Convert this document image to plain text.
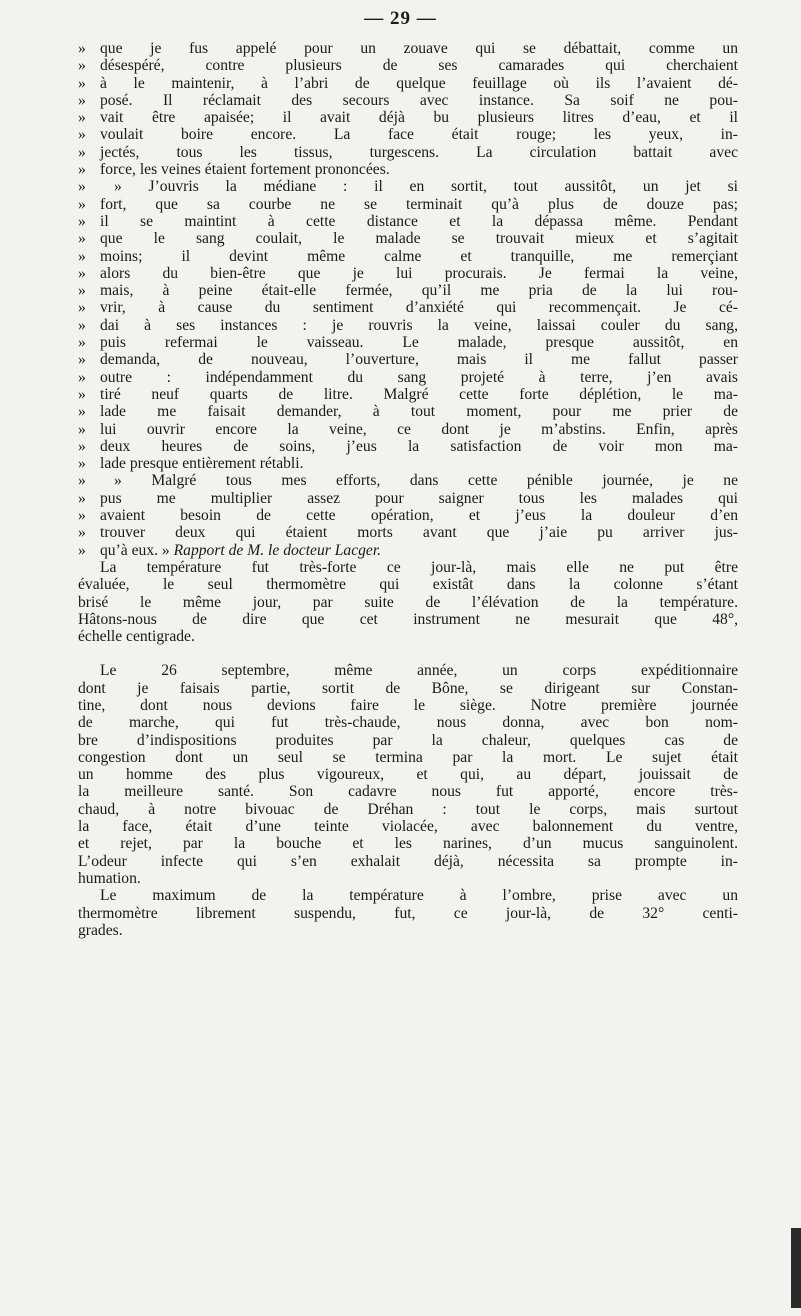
— 29 —
» que je fus appelé pour un zouave qui se débattait, comme un
» désespéré, contre plusieurs de ses camarades qui cherchaient
» à le maintenir, à l’abri de quelque feuillage où ils l’avaient dé-
» posé. Il réclamait des secours avec instance. Sa soif ne pou-
» vait être apaisée; il avait déjà bu plusieurs litres d’eau, et il
» voulait boire encore. La face était rouge; les yeux, in-
» jectés, tous les tissus, turgescens. La circulation battait avec
» force, les veines étaient fortement prononcées.
» » J’ouvris la médiane : il en sortit, tout aussitôt, un jet si
» fort, que sa courbe ne se terminait qu’à plus de douze pas;
» il se maintint à cette distance et la dépassa même. Pendant
» que le sang coulait, le malade se trouvait mieux et s’agitait
» moins; il devint même calme et tranquille, me remerçiant
» alors du bien-être que je lui procurais. Je fermai la veine,
» mais, à peine était-elle fermée, qu’il me pria de la lui rou-
» vrir, à cause du sentiment d’anxiété qui recommençait. Je cé-
» dai à ses instances : je rouvris la veine, laissai couler du sang,
» puis refermai le vaisseau. Le malade, presque aussitôt, en
» demanda, de nouveau, l’ouverture, mais il me fallut passer
» outre : indépendamment du sang projeté à terre, j’en avais
» tiré neuf quarts de litre. Malgré cette forte déplétion, le ma-
» lade me faisait demander, à tout moment, pour me prier de
» lui ouvrir encore la veine, ce dont je m’abstins. Enfin, après
» deux heures de soins, j’eus la satisfaction de voir mon ma-
» lade presque entièrement rétabli.
» » Malgré tous mes efforts, dans cette pénible journée, je ne
» pus me multiplier assez pour saigner tous les malades qui
» avaient besoin de cette opération, et j’eus la douleur d’en
» trouver deux qui étaient morts avant que j’aie pu arriver jus-
» qu’à eux. » Rapport de M. le docteur Lacger.
La température fut très-forte ce jour-là, mais elle ne put être
évaluée, le seul thermomètre qui existât dans la colonne s’étant
brisé le même jour, par suite de l’élévation de la température.
Hâtons-nous de dire que cet instrument ne mesurait que 48°,
échelle centigrade.
Le 26 septembre, même année, un corps expéditionnaire
dont je faisais partie, sortit de Bône, se dirigeant sur Constan-
tine, dont nous devions faire le siège. Notre première journée
de marche, qui fut très-chaude, nous donna, avec bon nom-
bre d’indispositions produites par la chaleur, quelques cas de
congestion dont un seul se termina par la mort. Le sujet était
un homme des plus vigoureux, et qui, au départ, jouissait de
la meilleure santé. Son cadavre nous fut apporté, encore très-
chaud, à notre bivouac de Dréhan : tout le corps, mais surtout
la face, était d’une teinte violacée, avec balonnement du ventre,
et rejet, par la bouche et les narines, d’un mucus sanguinolent.
L’odeur infecte qui s’en exhalait déjà, nécessita sa prompte in-
humation.
Le maximum de la température à l’ombre, prise avec un
thermomètre librement suspendu, fut, ce jour-là, de 32° centi-
grades.
